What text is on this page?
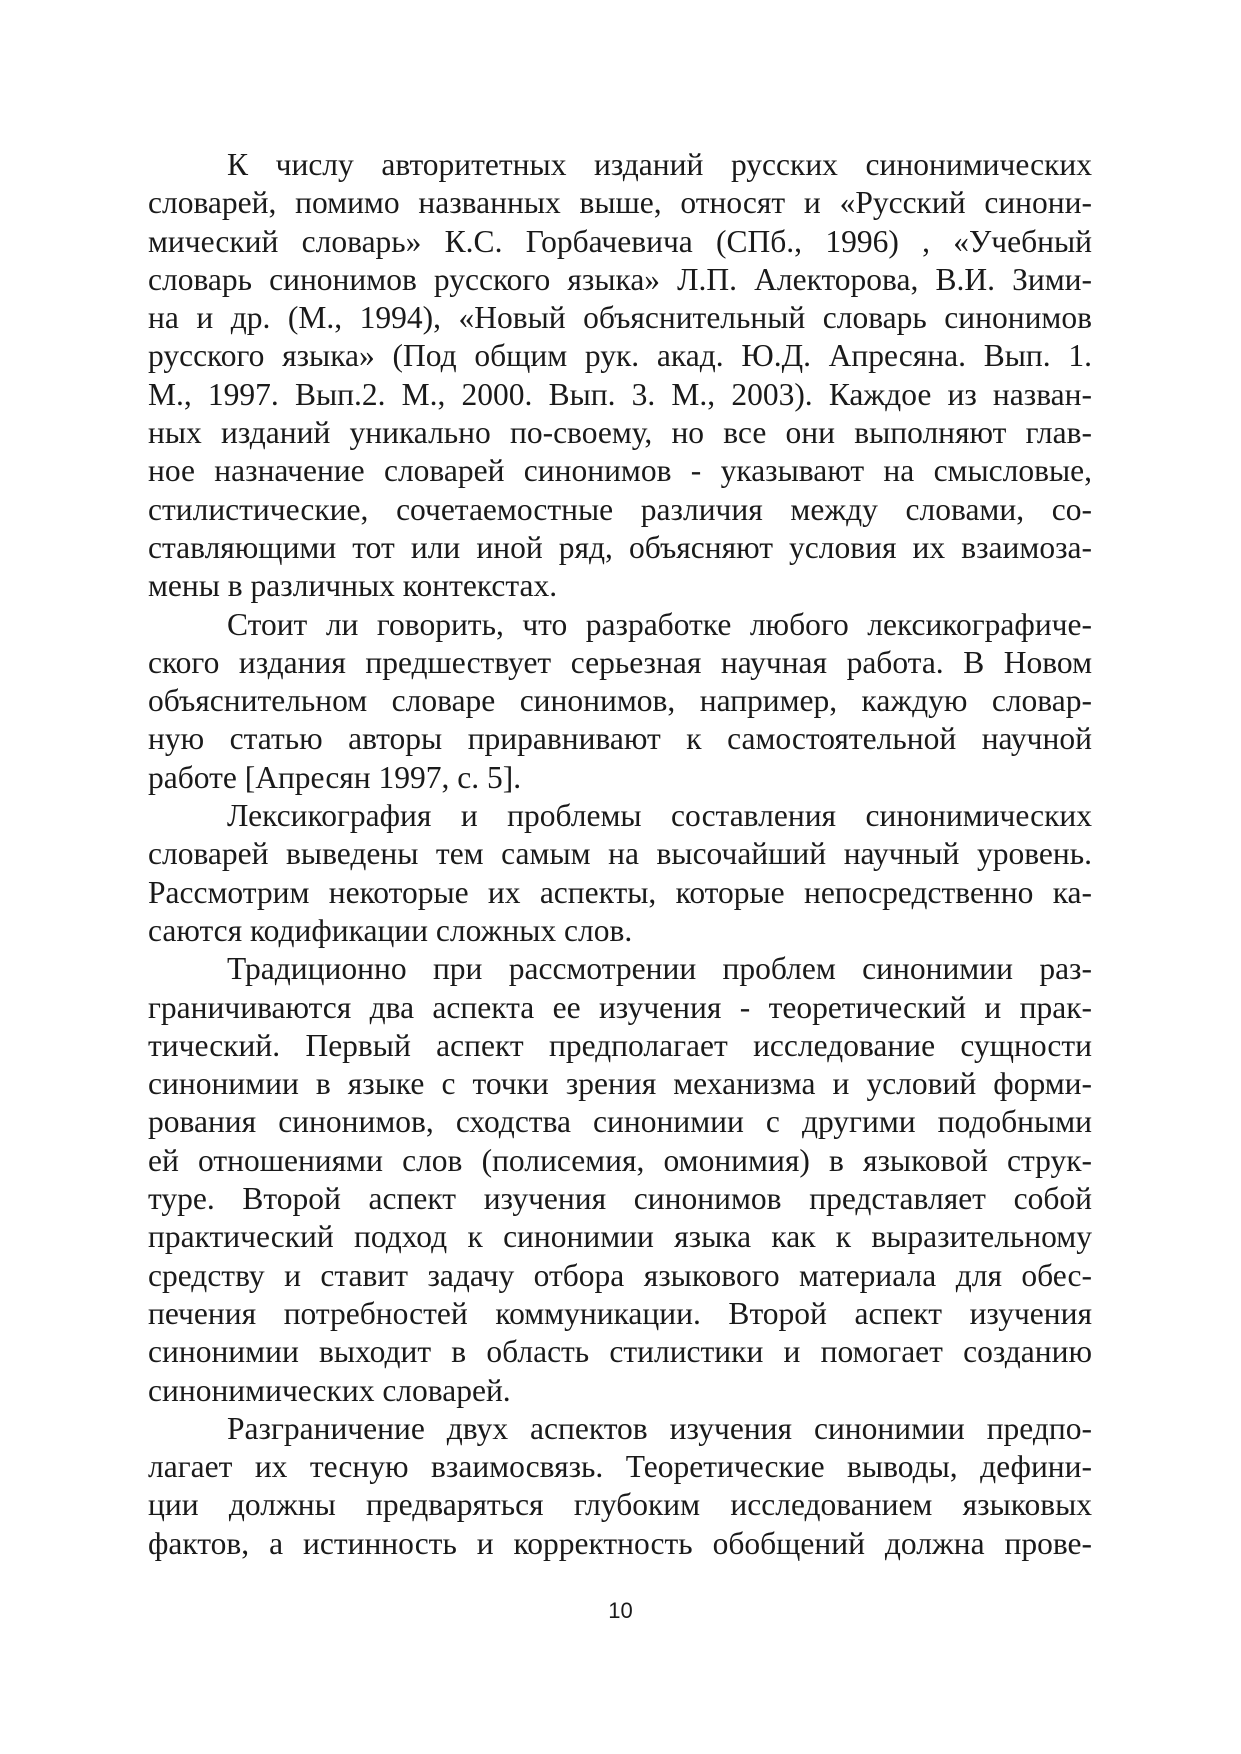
К числу авторитетных изданий русских синонимических
словарей, помимо названных выше, относят и «Русский синони-
мический словарь» К.С. Горбачевича (СПб., 1996) , «Учебный
словарь синонимов русского языка» Л.П. Алекторова, В.И. Зими-
на и др. (М., 1994), «Новый объяснительный словарь синонимов
русского языка» (Под общим рук. акад. Ю.Д. Апресяна. Вып. 1.
М., 1997. Вып.2. М., 2000. Вып. 3. М., 2003). Каждое из назван-
ных изданий уникально по-своему, но все они выполняют глав-
ное назначение словарей синонимов - указывают на смысловые,
стилистические, сочетаемостные различия между словами, со-
ставляющими тот или иной ряд, объясняют условия их взаимоза-
мены в различных контекстах.
Стоит ли говорить, что разработке любого лексикографиче-
ского издания предшествует серьезная научная работа. В Новом
объяснительном словаре синонимов, например, каждую словар-
ную статью авторы приравнивают к самостоятельной научной
работе [Апресян 1997, с. 5].
Лексикография и проблемы составления синонимических
словарей выведены тем самым на высочайший научный уровень.
Рассмотрим некоторые их аспекты, которые непосредственно ка-
саются кодификации сложных слов.
Традиционно при рассмотрении проблем синонимии раз-
граничиваются два аспекта ее изучения - теоретический и прак-
тический. Первый аспект предполагает исследование сущности
синонимии в языке с точки зрения механизма и условий форми-
рования синонимов, сходства синонимии с другими подобными
ей отношениями слов (полисемия, омонимия) в языковой струк-
туре. Второй аспект изучения синонимов представляет собой
практический подход к синонимии языка как к выразительному
средству и ставит задачу отбора языкового материала для обес-
печения потребностей коммуникации. Второй аспект изучения
синонимии выходит в область стилистики и помогает созданию
синонимических словарей.
Разграничение двух аспектов изучения синонимии предпо-
лагает их тесную взаимосвязь. Теоретические выводы, дефини-
ции должны предваряться глубоким исследованием языковых
фактов, а истинность и корректность обобщений должна прове-
10
